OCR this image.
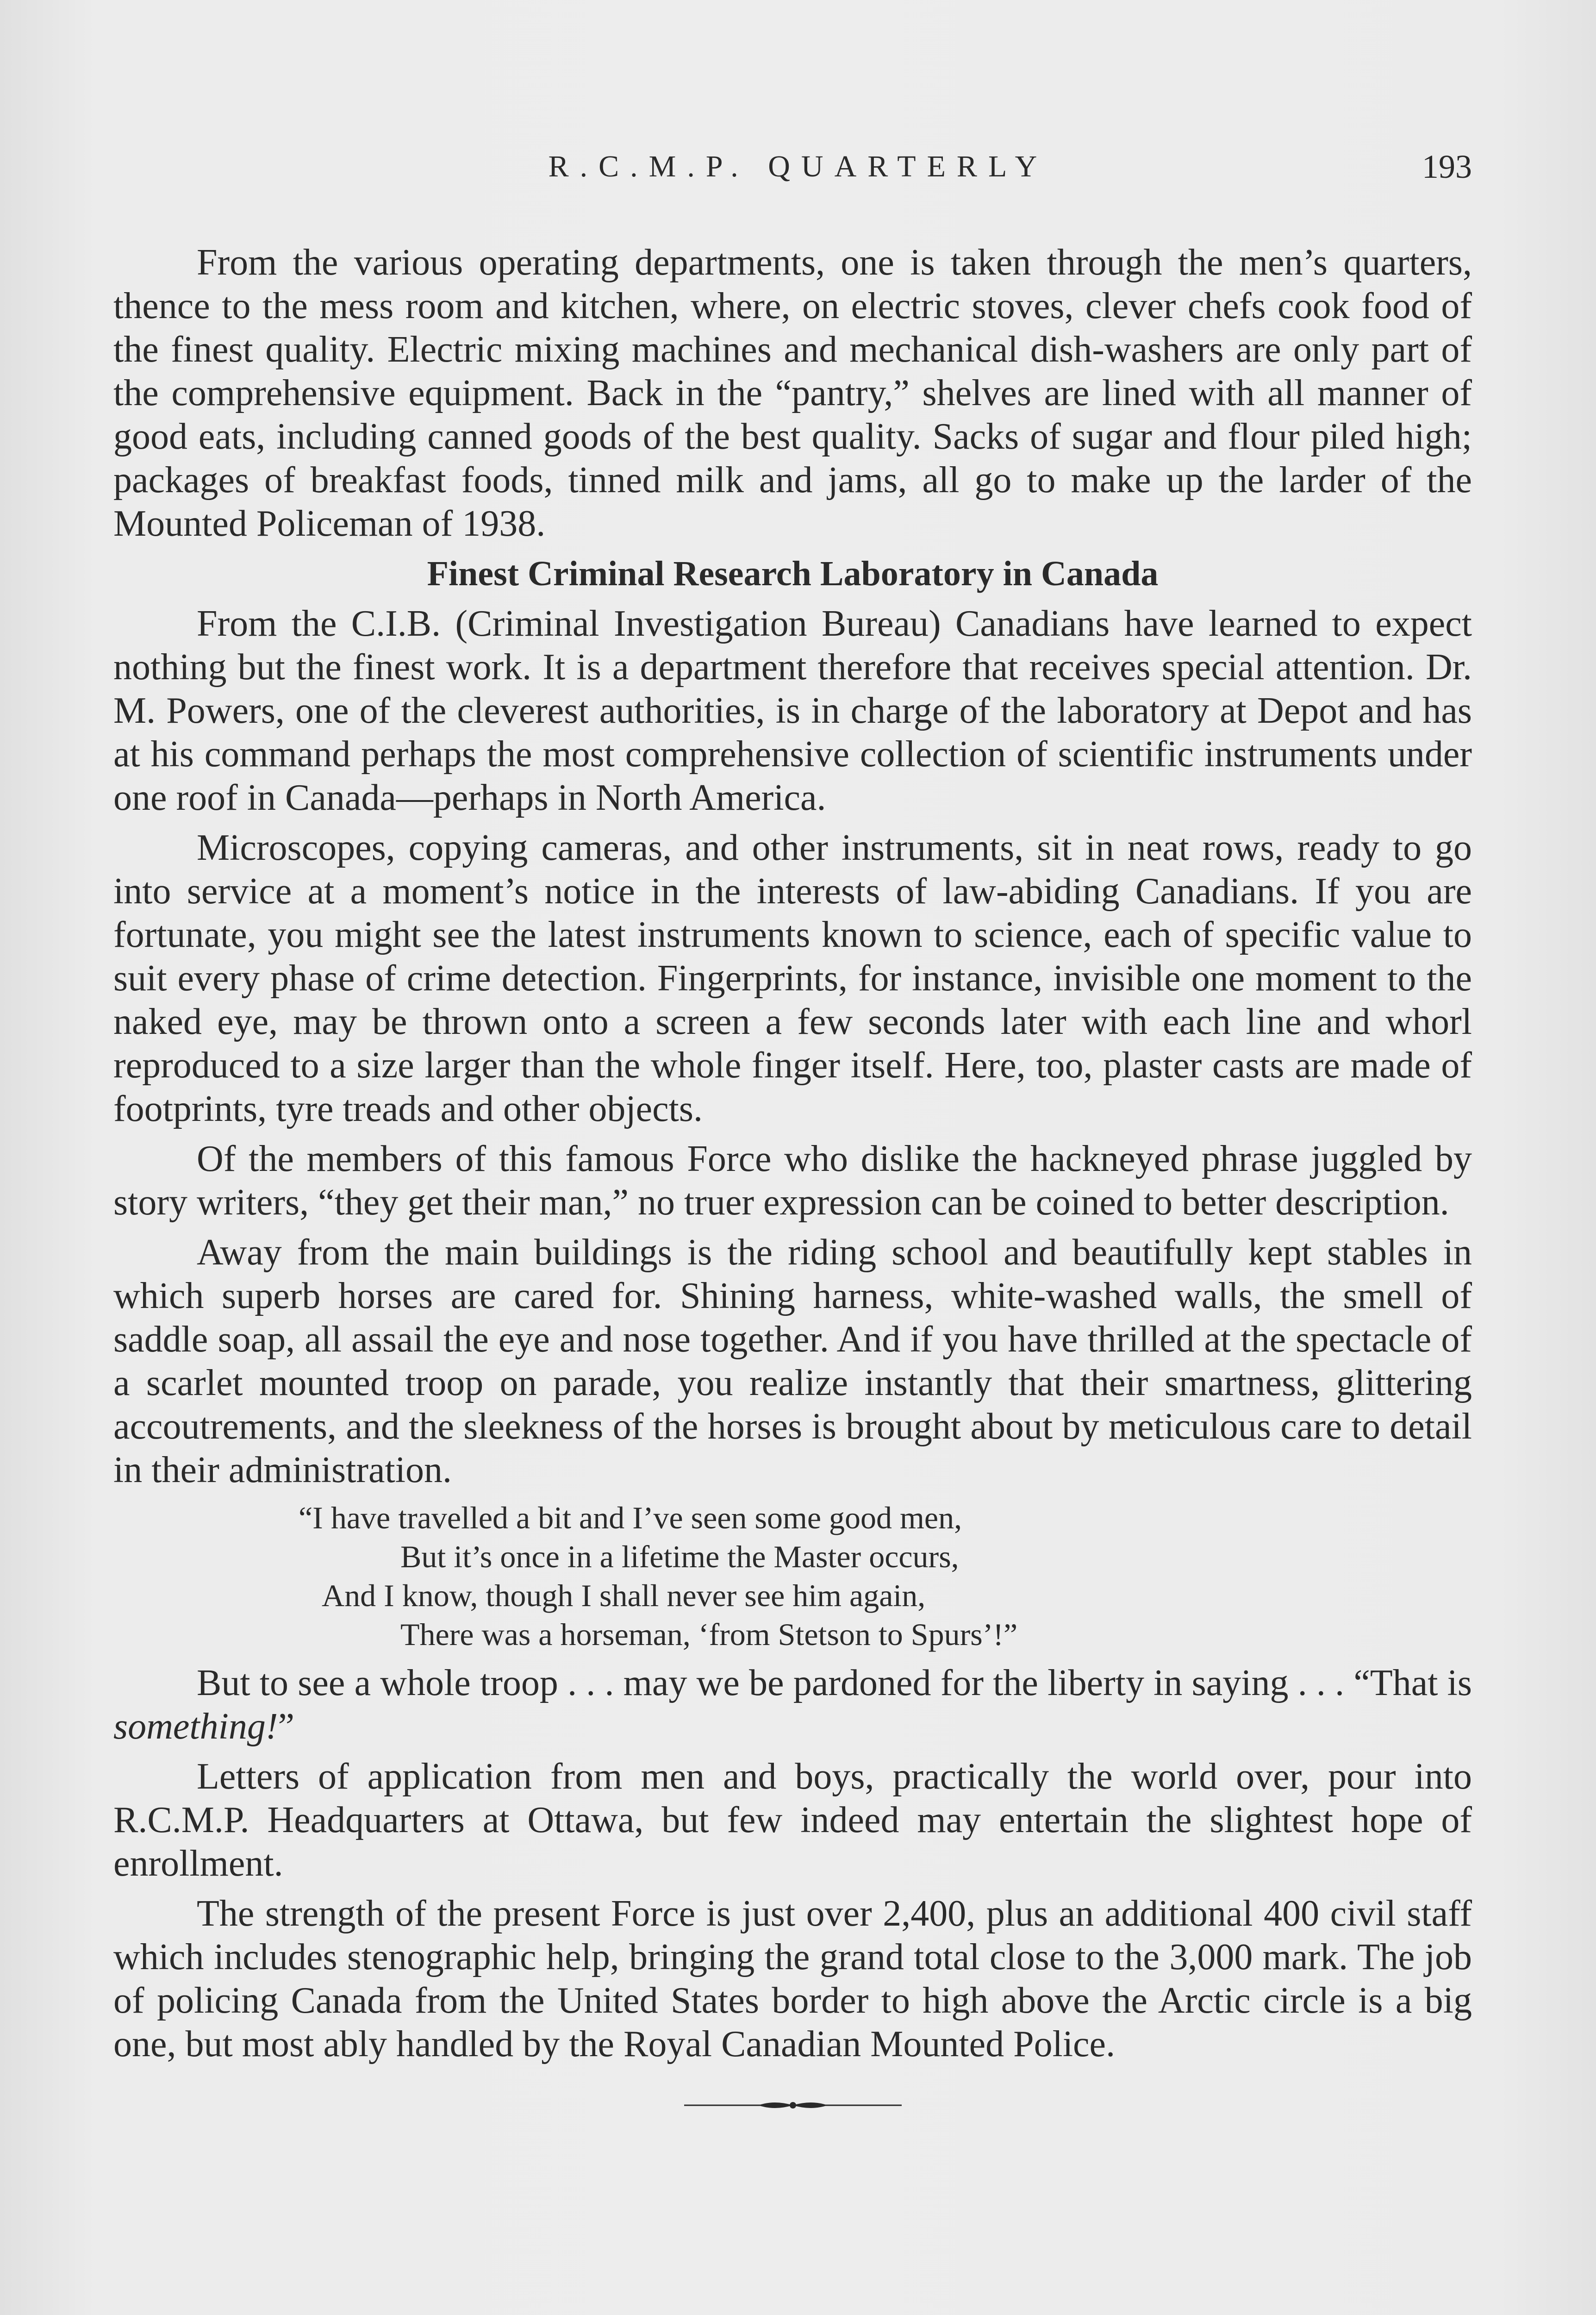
R.C.M.P. QUARTERLY	193

From the various operating departments, one is taken through the men’s quarters, thence to the mess room and kitchen, where, on electric stoves, clever chefs cook food of the finest quality. Electric mixing machines and mechanical dish-washers are only part of the comprehensive equipment. Back in the “pantry,” shelves are lined with all manner of good eats, including canned goods of the best quality. Sacks of sugar and flour piled high; packages of breakfast foods, tinned milk and jams, all go to make up the larder of the Mounted Policeman of 1938.

Finest Criminal Research Laboratory in Canada

From the C.I.B. (Criminal Investigation Bureau) Canadians have learned to expect nothing but the finest work. It is a department therefore that receives special attention. Dr. M. Powers, one of the cleverest authorities, is in charge of the laboratory at Depot and has at his command perhaps the most comprehensive collection of scientific instruments under one roof in Canada—perhaps in North America.

Microscopes, copying cameras, and other instruments, sit in neat rows, ready to go into service at a moment’s notice in the interests of law-abiding Canadians. If you are fortunate, you might see the latest instruments known to science, each of specific value to suit every phase of crime detection. Fingerprints, for instance, invisible one moment to the naked eye, may be thrown onto a screen a few seconds later with each line and whorl reproduced to a size larger than the whole finger itself. Here, too, plaster casts are made of footprints, tyre treads and other objects.

Of the members of this famous Force who dislike the hackneyed phrase juggled by story writers, “they get their man,” no truer expression can be coined to better description.

Away from the main buildings is the riding school and beautifully kept stables in which superb horses are cared for. Shining harness, white-washed walls, the smell of saddle soap, all assail the eye and nose together. And if you have thrilled at the spectacle of a scarlet mounted troop on parade, you realize instantly that their smartness, glittering accoutrements, and the sleekness of the horses is brought about by meticulous care to detail in their administration.

“I have travelled a bit and I’ve seen some good men,
But it’s once in a lifetime the Master occurs,
And I know, though I shall never see him again,
There was a horseman, ‘from Stetson to Spurs’!”

But to see a whole troop . . . may we be pardoned for the liberty in saying . . . “That is something!”

Letters of application from men and boys, practically the world over, pour into R.C.M.P. Headquarters at Ottawa, but few indeed may entertain the slightest hope of enrollment.

The strength of the present Force is just over 2,400, plus an additional 400 civil staff which includes stenographic help, bringing the grand total close to the 3,000 mark. The job of policing Canada from the United States border to high above the Arctic circle is a big one, but most ably handled by the Royal Canadian Mounted Police.
